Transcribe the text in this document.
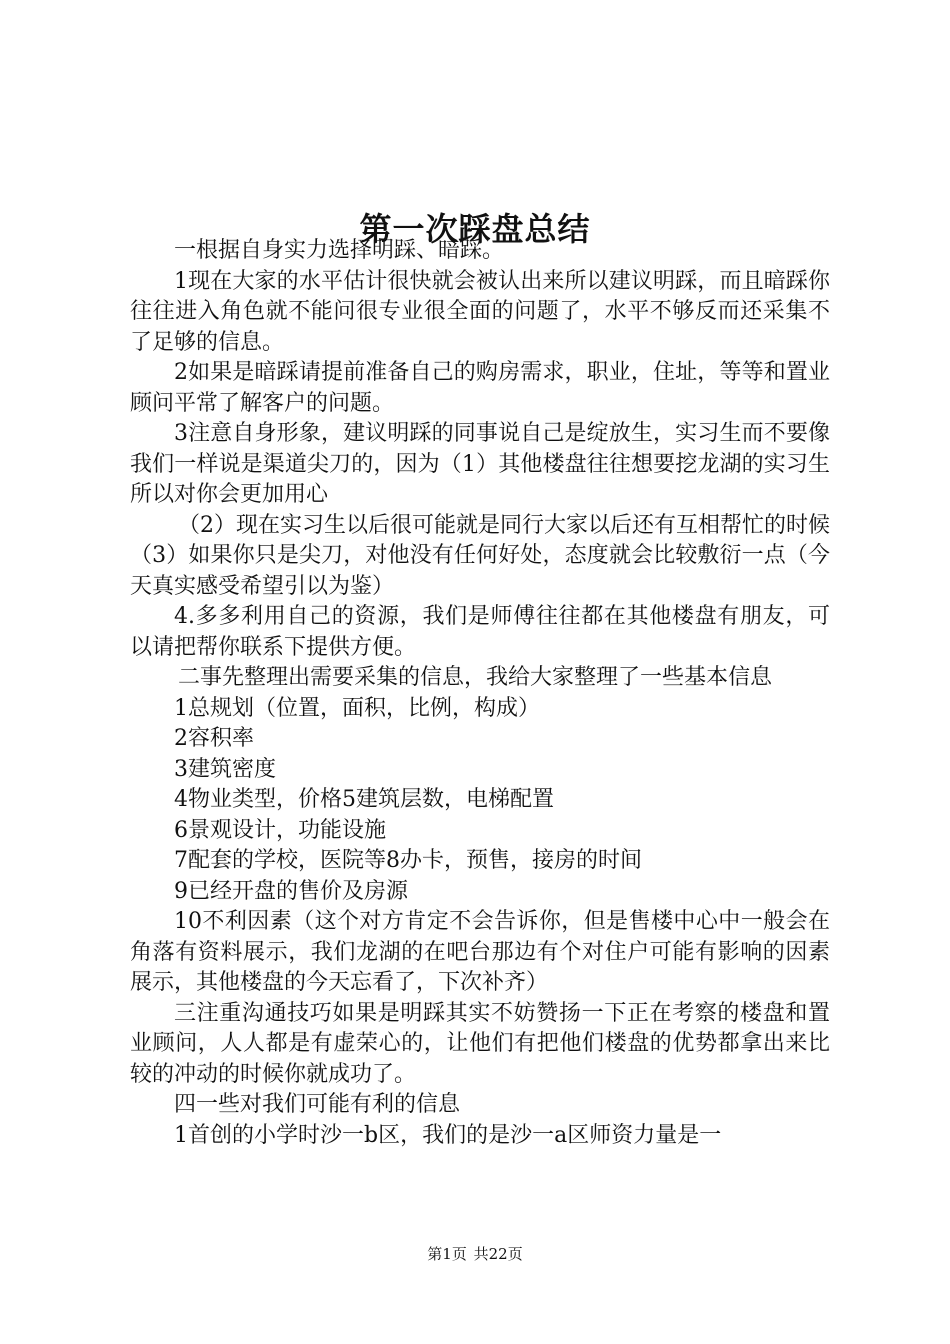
第一次踩盘总结

一根据自身实力选择明踩、暗踩。

1现在大家的水平估计很快就会被认出来所以建议明踩，而且暗踩你往往进入角色就不能问很专业很全面的问题了，水平不够反而还采集不了足够的信息。

2如果是暗踩请提前准备自己的购房需求，职业，住址，等等和置业顾问平常了解客户的问题。

3注意自身形象，建议明踩的同事说自己是绽放生，实习生而不要像我们一样说是渠道尖刀的，因为（1）其他楼盘往往想要挖龙湖的实习生所以对你会更加用心

（2）现在实习生以后很可能就是同行大家以后还有互相帮忙的时候（3）如果你只是尖刀，对他没有任何好处，态度就会比较敷衍一点（今天真实感受希望引以为鉴）

4.多多利用自己的资源，我们是师傅往往都在其他楼盘有朋友，可以请把帮你联系下提供方便。

二事先整理出需要采集的信息，我给大家整理了一些基本信息

1总规划（位置，面积，比例，构成）

2容积率

3建筑密度

4物业类型，价格5建筑层数，电梯配置

6景观设计，功能设施

7配套的学校，医院等8办卡，预售，接房的时间

9已经开盘的售价及房源

10不利因素（这个对方肯定不会告诉你，但是售楼中心中一般会在角落有资料展示，我们龙湖的在吧台那边有个对住户可能有影响的因素展示，其他楼盘的今天忘看了，下次补齐）

三注重沟通技巧如果是明踩其实不妨赞扬一下正在考察的楼盘和置业顾问，人人都是有虚荣心的，让他们有把他们楼盘的优势都拿出来比较的冲动的时候你就成功了。

四一些对我们可能有利的信息

1首创的小学时沙一b区，我们的是沙一a区师资力量是一

第1页 共22页
